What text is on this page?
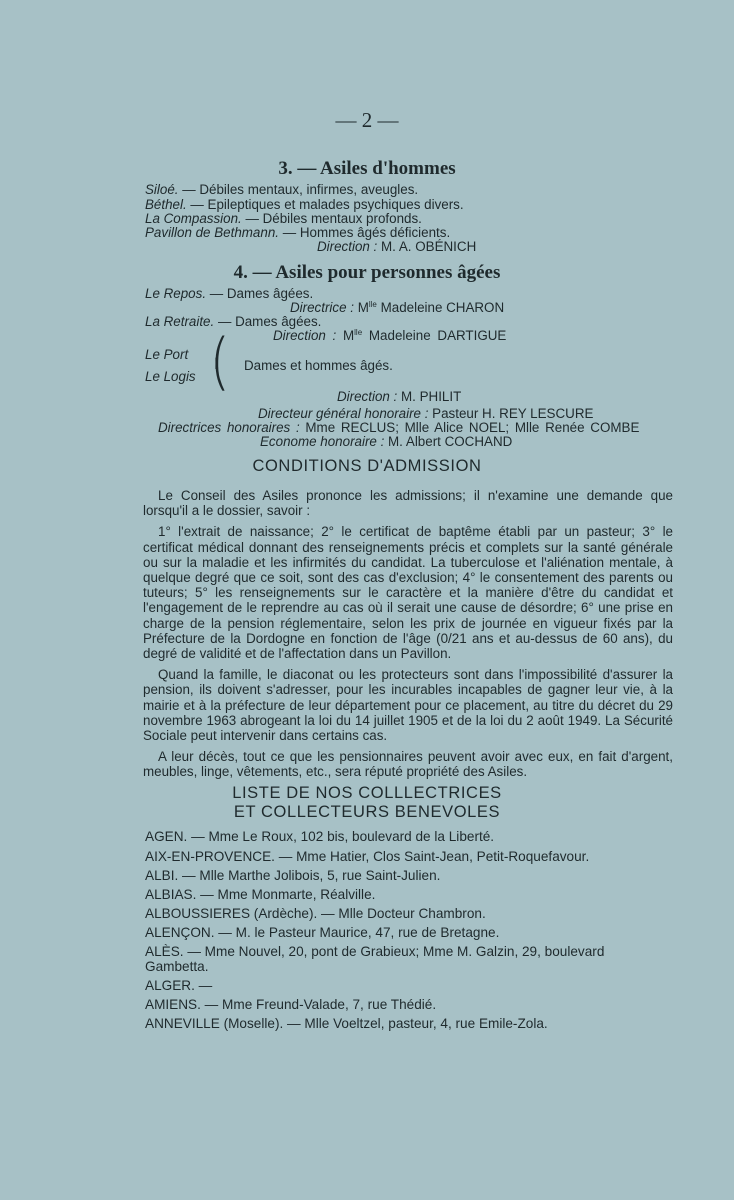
— 2 —
3. — Asiles d'hommes
Siloé. — Débiles mentaux, infirmes, aveugles.
Béthel. — Epileptiques et malades psychiques divers.
La Compassion. — Débiles mentaux profonds.
Pavillon de Bethmann. — Hommes âgés déficients.
Direction : M. A. OBÉNICH
4. — Asiles pour personnes âgées
Le Repos. — Dames âgées.
Directrice : $M^{lle}$ Madeleine CHARON
La Retraite. — Dames âgées.
Direction : $M^{lle}$ Madeleine DARTIGUE
Le Port
Le Logis
⎛
⎝ Dames et hommes âgés.
Direction : M. PHILIT
Directeur général honoraire : Pasteur H. REY LESCURE
Directrices honoraires : Mme RECLUS; Mlle Alice NOEL; Mlle Renée COMBE
Econome honoraire : M. Albert COCHAND
CONDITIONS D'ADMISSION

Le Conseil des Asiles prononce les admissions; il n'examine une demande que lorsqu'il a le dossier, savoir :

1° l'extrait de naissance; 2° le certificat de baptême établi par un pasteur; 3° le certificat médical donnant des renseignements précis et complets sur la santé générale ou sur la maladie et les infirmités du candidat. La tuberculose et l'aliénation mentale, à quelque degré que ce soit, sont des cas d'exclusion; 4° le consentement des parents ou tuteurs; 5° les renseignements sur le caractère et la manière d'être du candidat et l'engagement de le reprendre au cas où il serait une cause de désordre; 6° une prise en charge de la pension réglementaire, selon les prix de journée en vigueur fixés par la Préfecture de la Dordogne en fonction de l'âge (0/21 ans et au-dessus de 60 ans), du degré de validité et de l'affectation dans un Pavillon.

Quand la famille, le diaconat ou les protecteurs sont dans l'impossibilité d'assurer la pension, ils doivent s'adresser, pour les incurables incapables de gagner leur vie, à la mairie et à la préfecture de leur département pour ce placement, au titre du décret du 29 novembre 1963 abrogeant la loi du 14 juillet 1905 et de la loi du 2 août 1949. La Sécurité Sociale peut intervenir dans certains cas.

A leur décès, tout ce que les pensionnaires peuvent avoir avec eux, en fait d'argent, meubles, linge, vêtements, etc., sera réputé propriété des Asiles.

LISTE DE NOS COLLLECTRICES
ET COLLECTEURS BENEVOLES
AGEN. — Mme Le Roux, 102 bis, boulevard de la Liberté.
AIX-EN-PROVENCE. — Mme Hatier, Clos Saint-Jean, Petit-Roquefavour.
ALBI. — Mlle Marthe Jolibois, 5, rue Saint-Julien.
ALBIAS. — Mme Monmarte, Réalville.
ALBOUSSIERES (Ardèche). — Mlle Docteur Chambron.
ALENÇON. — M. le Pasteur Maurice, 47, rue de Bretagne.
ALÈS. — Mme Nouvel, 20, pont de Grabieux; Mme M. Galzin, 29, boulevard
Gambetta.
ALGER. —
AMIENS. — Mme Freund-Valade, 7, rue Thédié.
ANNEVILLE (Moselle). — Mlle Voeltzel, pasteur, 4, rue Emile-Zola.
